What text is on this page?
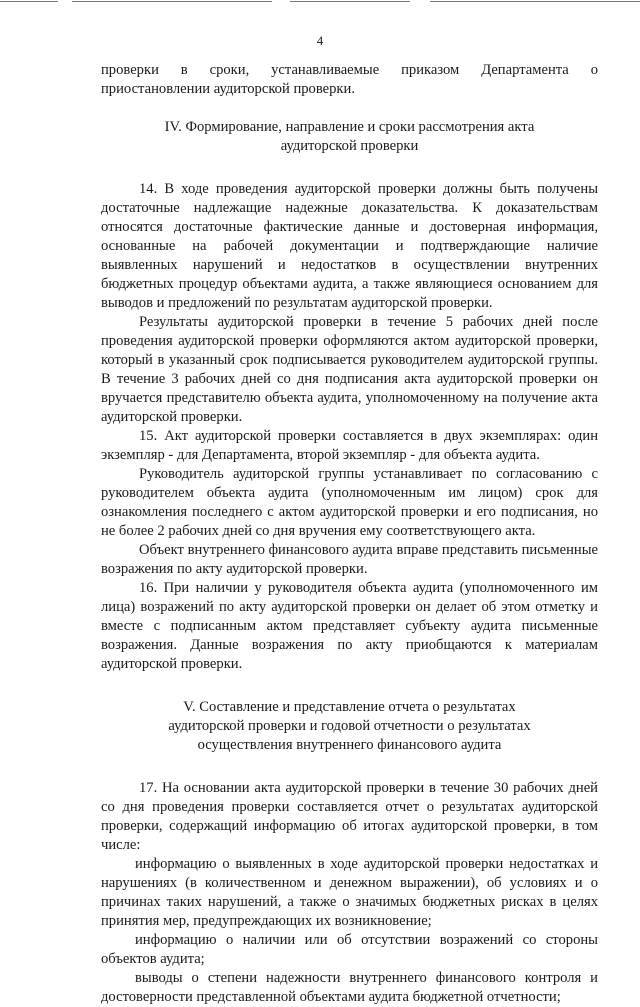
4

проверки в сроки, устанавливаемые приказом Департамента о приостановлении аудиторской проверки.

IV. Формирование, направление и сроки рассмотрения акта

аудиторской проверки

14. В ходе проведения аудиторской проверки должны быть получены достаточные надлежащие надежные доказательства. К доказательствам относятся достаточные фактические данные и достоверная информация, основанные на рабочей документации и подтверждающие наличие выявленных нарушений и недостатков в осуществлении внутренних бюджетных процедур объектами аудита, а также являющиеся основанием для выводов и предложений по результатам аудиторской проверки.

Результаты аудиторской проверки в течение 5 рабочих дней после проведения аудиторской проверки оформляются актом аудиторской проверки, который в указанный срок подписывается руководителем аудиторской группы. В течение 3 рабочих дней со дня подписания акта аудиторской проверки он вручается представителю объекта аудита, уполномоченному на получение акта аудиторской проверки.

15. Акт аудиторской проверки составляется в двух экземплярах: один экземпляр - для Департамента, второй экземпляр - для объекта аудита.

Руководитель аудиторской группы устанавливает по согласованию с руководителем объекта аудита (уполномоченным им лицом) срок для ознакомления последнего с актом аудиторской проверки и его подписания, но не более 2 рабочих дней со дня вручения ему соответствующего акта.

Объект внутреннего финансового аудита вправе представить письменные возражения по акту аудиторской проверки.

16. При наличии у руководителя объекта аудита (уполномоченного им лица) возражений по акту аудиторской проверки он делает об этом отметку и вместе с подписанным актом представляет субъекту аудита письменные возражения. Данные возражения по акту приобщаются к материалам аудиторской проверки.

V. Составление и представление отчета о результатах

аудиторской проверки и годовой отчетности о результатах

осуществления внутреннего финансового аудита

17. На основании акта аудиторской проверки в течение 30 рабочих дней со дня проведения проверки составляется отчет о результатах аудиторской проверки, содержащий информацию об итогах аудиторской проверки, в том числе:

информацию о выявленных в ходе аудиторской проверки недостатках и нарушениях (в количественном и денежном выражении), об условиях и о причинах таких нарушений, а также о значимых бюджетных рисках в целях принятия мер, предупреждающих их возникновение;

информацию о наличии или об отсутствии возражений со стороны объектов аудита;

выводы о степени надежности внутреннего финансового контроля и достоверности представленной объектами аудита бюджетной отчетности;
